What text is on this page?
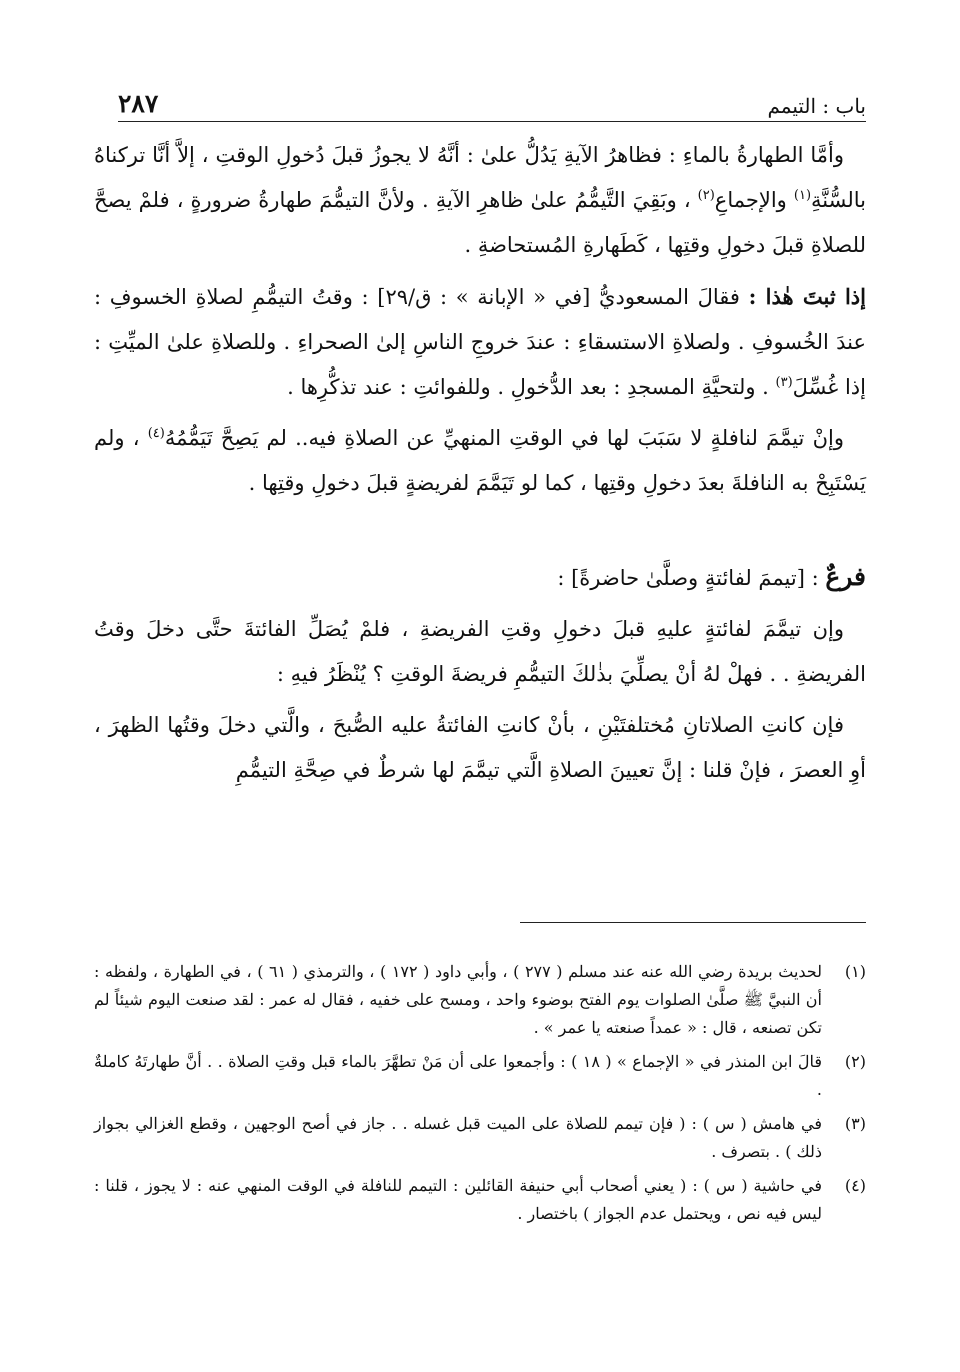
٢٨٧	باب : التيمم

وأمَّا الطهارةُ بالماءِ : فظاهرُ الآيةِ يَدُلُّ علىٰ : أنَّهُ لا يجوزُ قبلَ دُخولِ الوقتِ ، إلاَّ أنَّا تركناهُ بالسُّنَّةِ$^{(١)}$ والإجماعِ$^{(٢)}$ ، وبَقِيَ التَّيمُّمُ علىٰ ظاهرِ الآيةِ . ولأنَّ التيمُّمَ طهارةُ ضرورةٍ ، فلمْ يصحَّ للصلاةِ قبلَ دخولِ وقتِها ، كَطَهارةِ المُستحاضةِ .

إذا ثبتَ هٰذا : فقالَ المسعوديُّ [في « الإبانة » : ق/٢٩] : وقتُ التيمُّمِ لصلاةِ الخسوفِ : عندَ الخُسوفِ . ولصلاةِ الاستسقاءِ : عندَ خروجِ الناسِ إلىٰ الصحراءِ . وللصلاةِ علىٰ الميِّتِ : إذا غُسِّلَ$^{(٣)}$ . ولتحيَّةِ المسجدِ : بعد الدُّخولِ . وللفوائتِ : عند تذكُّرِها .

وإنْ تيمَّمَ لنافلةٍ لا سَبَبَ لها في الوقتِ المنهيِّ عن الصلاةِ فيه.. لم يَصِحَّ تَيَمُّمُهُ$^{(٤)}$ ، ولم يَسْتَبِحْ به النافلةَ بعدَ دخولِ وقتِها ، كما لو تَيَمَّمَ لفريضةٍ قبلَ دخولِ وقتِها .

فرعٌ : [تيممَ لفائتةٍ وصلَّىٰ حاضرةً] :

وإن تيمَّمَ لفائتةٍ عليهِ قبلَ دخولِ وقتِ الفريضةِ ، فلمْ يُصَلِّ الفائتةَ حتَّى دخلَ وقتُ الفريضةِ . . فهلْ لهُ أنْ يصلِّيَ بذٰلكَ التيمُّمِ فريضةَ الوقتِ ؟ يُنْظَرُ فيهِ :

فإن كانتِ الصلاتانِ مُختلفتَيْنِ ، بأنْ كانتِ الفائتةُ عليه الصُّبحَ ، والَّتي دخلَ وقتُها الظهرَ ، أوِ العصرَ ، فإنْ قلنا : إنَّ تعيينَ الصلاةِ الَّتي تيمَّمَ لها شرطٌ في صِحَّةِ التيمُّمِ

(١)
لحديث بريدة رضي الله عنه عند مسلم ( ٢٧٧ ) ، وأبي داود ( ١٧٢ ) ، والترمذي ( ٦١ ) ، في الطهارة ، ولفظه : أن النبيَّ ﷺ صلَّىٰ الصلوات يوم الفتح بوضوء واحد ، ومسح على خفيه ، فقال له عمر : لقد صنعت اليوم شيئاً لم تكن تصنعه ، قال : « عمداً صنعته يا عمر » .
(٢)
قالَ ابن المنذر في « الإجماع » ( ١٨ ) : وأجمعوا على أن مَنْ تطهَّرَ بالماء قبل وقتِ الصلاة . . أنَّ طهارتَهُ كاملةٌ .
(٣)
في هامش ( س ) : ( فإن تيمم للصلاة على الميت قبل غسله . . جاز في أصح الوجهين ، وقطع الغزالي بجواز ذلك ) . بتصرف .
(٤)
في حاشية ( س ) : ( يعني أصحاب أبي حنيفة القائلين : التيمم للنافلة في الوقت المنهي عنه : لا يجوز ، قلنا : ليس فيه نص ، ويحتمل عدم الجواز ) باختصار .
